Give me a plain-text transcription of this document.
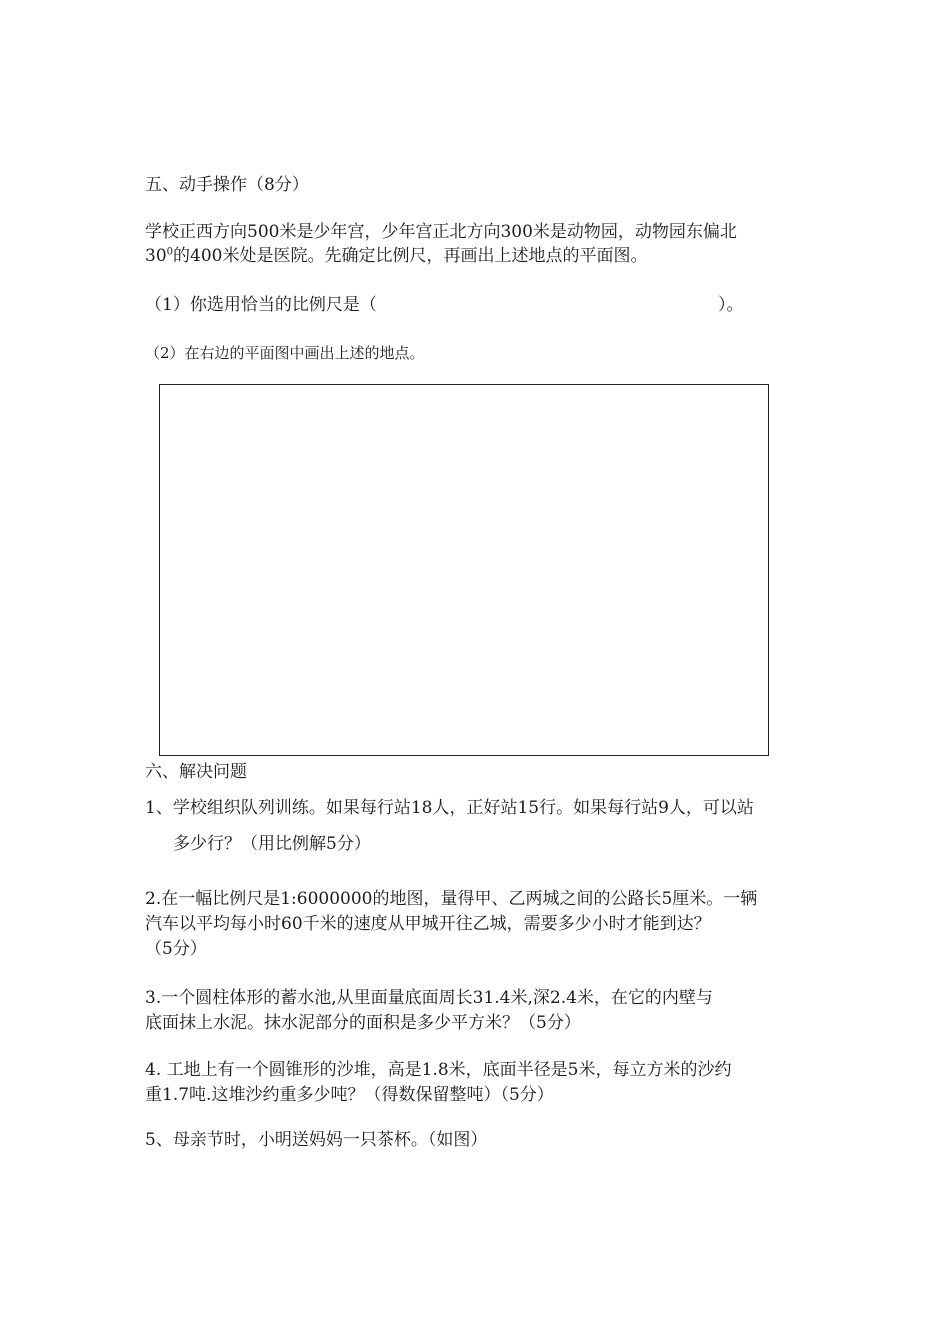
五、动手操作（8分）
学校正西方向500米是少年宫，少年宫正北方向300米是动物园，动物园东偏北
$30^0$的400米处是医院。先确定比例尺，再画出上述地点的平面图。
（1）你选用恰当的比例尺是（	）。
（2）在右边的平面图中画出上述的地点。
六、解决问题
1、学校组织队列训练。如果每行站18人，正好站15行。如果每行站9人，可以站
多少行？（用比例解5分）
2.在一幅比例尺是1:6000000的地图，量得甲、乙两城之间的公路长5厘米。一辆
汽车以平均每小时60千米的速度从甲城开往乙城，需要多少小时才能到达？
（5分）
3.一个圆柱体形的蓄水池,从里面量底面周长31.4米,深2.4米，在它的内壁与
底面抹上水泥。抹水泥部分的面积是多少平方米？（5分）
4. 工地上有一个圆锥形的沙堆，高是1.8米，底面半径是5米，每立方米的沙约
重1.7吨.这堆沙约重多少吨？（得数保留整吨）（5分）
5、母亲节时，小明送妈妈一只茶杯。（如图）
